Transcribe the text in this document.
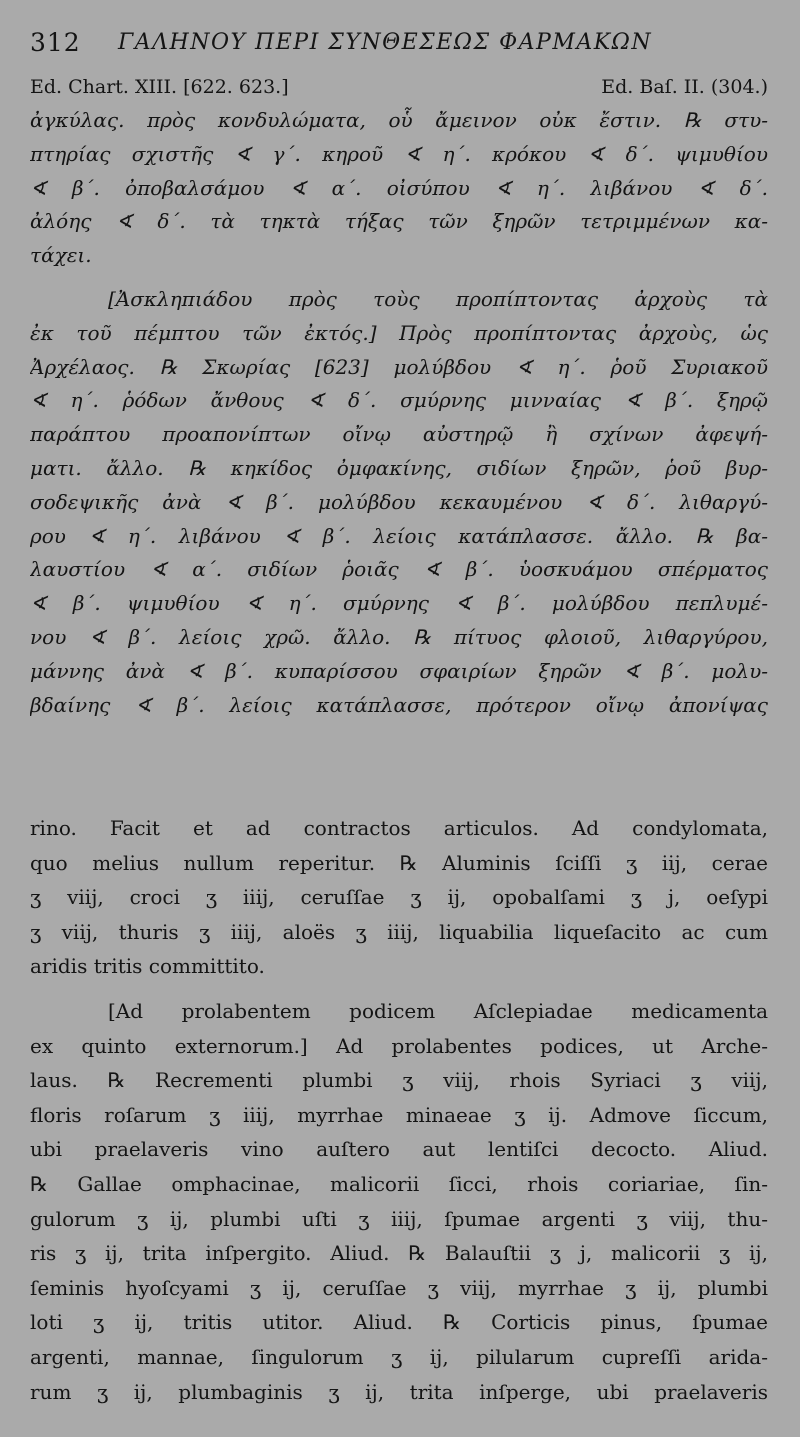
312 ΓΑΛΗΝΟΥ ΠΕΡΙ ΣΥΝΘΕΣΕΩΣ ΦΑΡΜΑΚΩΝ
Ed. Chart. XIII. [622. 623.]	Ed. Baſ. II. (304.)
ἀγκύλας. πρὸς κονδυλώματα, οὗ ἄμεινον οὐκ ἔστιν. ℞ στυ-
πτηρίας σχιστῆς ∢ γ΄. κηροῦ ∢ η΄. κρόκου ∢ δ΄. ψιμυθίου
∢ β΄. ὀποβαλσάμου ∢ α΄. οἰσύπου ∢ η΄. λιβάνου ∢ δ΄.
ἀλόης ∢ δ΄. τὰ τηκτὰ τήξας τῶν ξηρῶν τετριμμένων κα-
τάχει.
[Ἀσκληπιάδου πρὸς τοὺς προπίπτοντας ἀρχοὺς τὰ
ἐκ τοῦ πέμπτου τῶν ἐκτός.] Πρὸς προπίπτοντας ἀρχοὺς, ὡς
Ἀρχέλαος. ℞ Σκωρίας [623] μολύβδου ∢ η΄. ῥοῦ Συριακοῦ
∢ η΄. ῥόδων ἄνθους ∢ δ΄. σμύρνης μινναίας ∢ β΄. ξηρῷ
παράπτου προαπονίπτων οἴνῳ αὐστηρῷ ἢ σχίνων ἀφεψή-
ματι. ἄλλο. ℞ κηκίδος ὀμφακίνης, σιδίων ξηρῶν, ῥοῦ βυρ-
σοδεψικῆς ἀνὰ ∢ β΄. μολύβδου κεκαυμένου ∢ δ΄. λιθαργύ-
ρου ∢ η΄. λιβάνου ∢ β΄. λείοις κατάπλασσε. ἄλλο. ℞ βα-
λαυστίου ∢ α΄. σιδίων ῥοιᾶς ∢ β΄. ὑοσκυάμου σπέρματος
∢ β΄. ψιμυθίου ∢ η΄. σμύρνης ∢ β΄. μολύβδου πεπλυμέ-
νου ∢ β΄. λείοις χρῶ. ἄλλο. ℞ πίτυος φλοιοῦ, λιθαργύρου,
μάννης ἀνὰ ∢ β΄. κυπαρίσσου σφαιρίων ξηρῶν ∢ β΄. μολυ-
βδαίνης ∢ β΄. λείοις κατάπλασσε, πρότερον οἴνῳ ἀπονίψας
rino. Facit et ad contractos articulos. Ad condylomata,
quo melius nullum reperitur. ℞ Aluminis ſciſſi ʒ iij, cerae
ʒ viij, croci ʒ iiij, ceruſſae ʒ ij, opobalſami ʒ j, oeſypi
ʒ viij, thuris ʒ iiij, aloës ʒ iiij, liquabilia liqueſacito ac cum
aridis tritis committito.
[Ad prolabentem podicem Aſclepiadae medicamenta
ex quinto externorum.] Ad prolabentes podices, ut Arche-
laus. ℞ Recrementi plumbi ʒ viij, rhois Syriaci ʒ viij,
floris roſarum ʒ iiij, myrrhae minaeae ʒ ij. Admove ſiccum,
ubi praelaveris vino auſtero aut lentiſci decocto. Aliud.
℞ Gallae omphacinae, malicorii ſicci, rhois coriariae, ſin-
gulorum ʒ ij, plumbi uſti ʒ iiij, ſpumae argenti ʒ viij, thu-
ris ʒ ij, trita inſpergito. Aliud. ℞ Balauſtii ʒ j, malicorii ʒ ij,
ſeminis hyoſcyami ʒ ij, ceruſſae ʒ viij, myrrhae ʒ ij, plumbi
loti ʒ ij, tritis utitor. Aliud. ℞ Corticis pinus, ſpumae
argenti, mannae, ſingulorum ʒ ij, pilularum cupreſſi arida-
rum ʒ ij, plumbaginis ʒ ij, trita inſperge, ubi praelaveris
